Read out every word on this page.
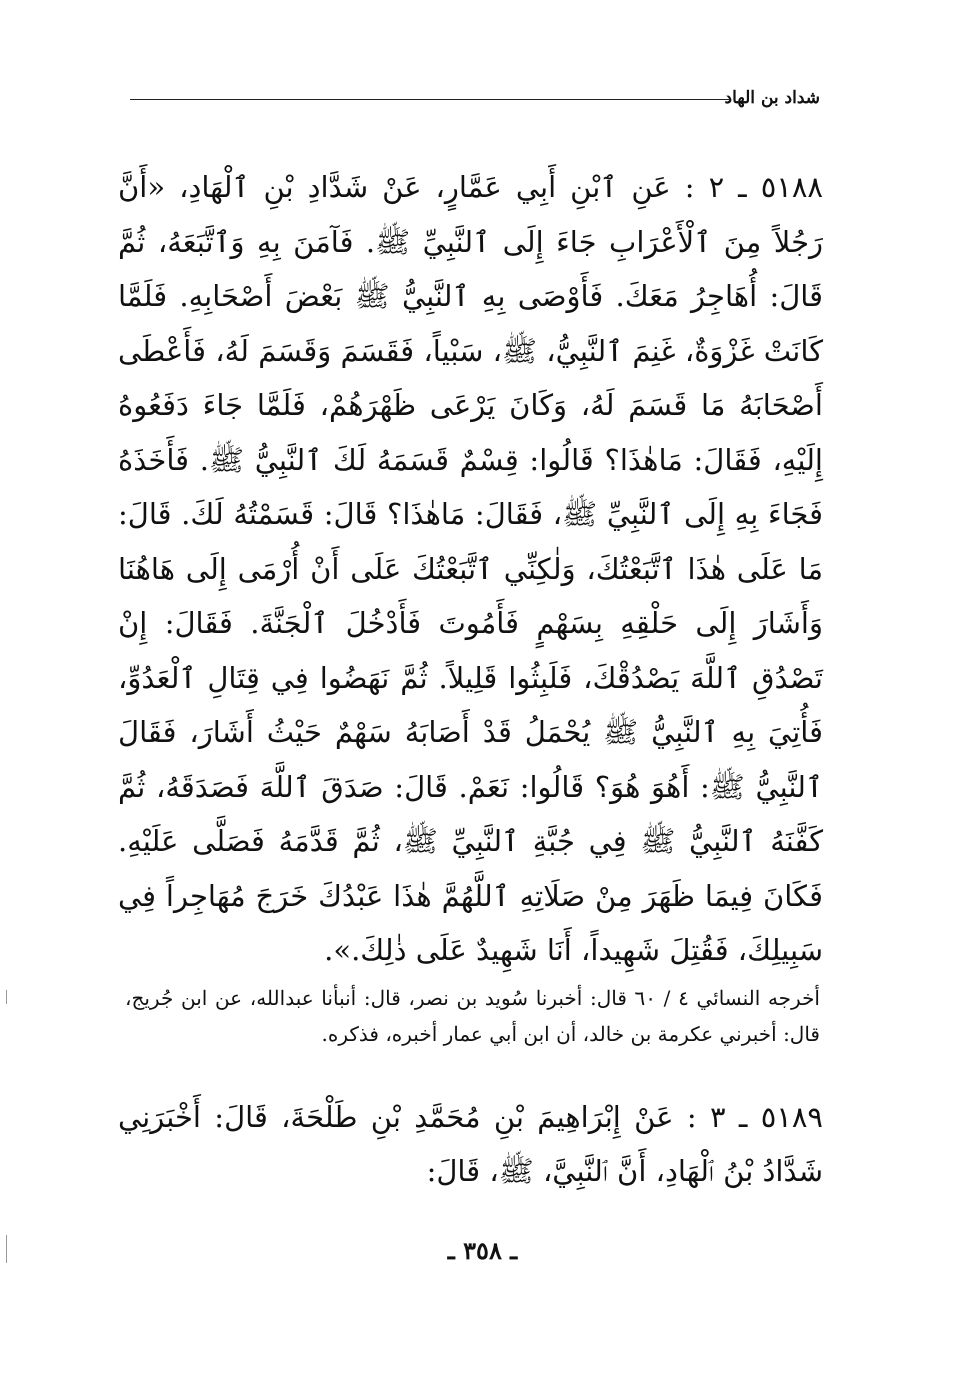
شداد بن الهاد

٥١٨٨ ـ ٢ : عَنِ ٱبْنِ أَبِي عَمَّارٍ، عَنْ شَدَّادِ بْنِ ٱلْهَادِ، «أَنَّ رَجُلاً مِنَ ٱلْأَعْرَابِ جَاءَ إِلَى ٱلنَّبِيِّ ﷺ. فَآمَنَ بِهِ وَٱتَّبَعَهُ، ثُمَّ قَالَ: أُهَاجِرُ مَعَكَ. فَأَوْصَى بِهِ ٱلنَّبِيُّ ﷺ بَعْضَ أَصْحَابِهِ. فَلَمَّا كَانَتْ غَزْوَةٌ، غَنِمَ ٱلنَّبِيُّ، ﷺ، سَبْياً، فَقَسَمَ وَقَسَمَ لَهُ، فَأَعْطَى أَصْحَابَهُ مَا قَسَمَ لَهُ، وَكَانَ يَرْعَى ظَهْرَهُمْ، فَلَمَّا جَاءَ دَفَعُوهُ إِلَيْهِ، فَقَالَ: مَاهٰذَا؟ قَالُوا: قِسْمٌ قَسَمَهُ لَكَ ٱلنَّبِيُّ ﷺ. فَأَخَذَهُ فَجَاءَ بِهِ إِلَى ٱلنَّبِيِّ ﷺ، فَقَالَ: مَاهٰذَا؟ قَالَ: قَسَمْتُهُ لَكَ. قَالَ: مَا عَلَى هٰذَا ٱتَّبَعْتُكَ، وَلٰكِنِّي ٱتَّبَعْتُكَ عَلَى أَنْ أُرْمَى إِلَى هَاهُنَا وَأَشَارَ إِلَى حَلْقِهِ بِسَهْمٍ فَأَمُوتَ فَأَدْخُلَ ٱلْجَنَّةَ. فَقَالَ: إِنْ تَصْدُقِ ٱللَّهَ يَصْدُقْكَ، فَلَبِثُوا قَلِيلاً. ثُمَّ نَهَضُوا فِي قِتَالِ ٱلْعَدُوِّ، فَأُتِيَ بِهِ ٱلنَّبِيُّ ﷺ يُحْمَلُ قَدْ أَصَابَهُ سَهْمٌ حَيْثُ أَشَارَ، فَقَالَ ٱلنَّبِيُّ ﷺ: أَهُوَ هُوَ؟ قَالُوا: نَعَمْ. قَالَ: صَدَقَ ٱللَّهَ فَصَدَقَهُ، ثُمَّ كَفَّنَهُ ٱلنَّبِيُّ ﷺ فِي جُبَّةِ ٱلنَّبِيِّ ﷺ، ثُمَّ قَدَّمَهُ فَصَلَّى عَلَيْهِ. فَكَانَ فِيمَا ظَهَرَ مِنْ صَلَاتِهِ ٱللَّهُمَّ هٰذَا عَبْدُكَ خَرَجَ مُهَاجِراً فِي سَبِيلِكَ، فَقُتِلَ شَهِيداً، أَنَا شَهِيدٌ عَلَى ذٰلِكَ.».

أخرجه النسائي ٤ / ٦٠ قال: أخبرنا سُويد بن نصر، قال: أنبأنا عبدالله، عن ابن جُريج، قال: أخبرني عكرمة بن خالد، أن ابن أبي عمار أخبره، فذكره.

٥١٨٩ ـ ٣ : عَنْ إِبْرَاهِيمَ بْنِ مُحَمَّدِ بْنِ طَلْحَةَ، قَالَ: أَخْبَرَنِي شَدَّادُ بْنُ ٱلْهَادِ، أَنَّ ٱلنَّبِيَّ، ﷺ، قَالَ:

ـ ٣٥٨ ـ
